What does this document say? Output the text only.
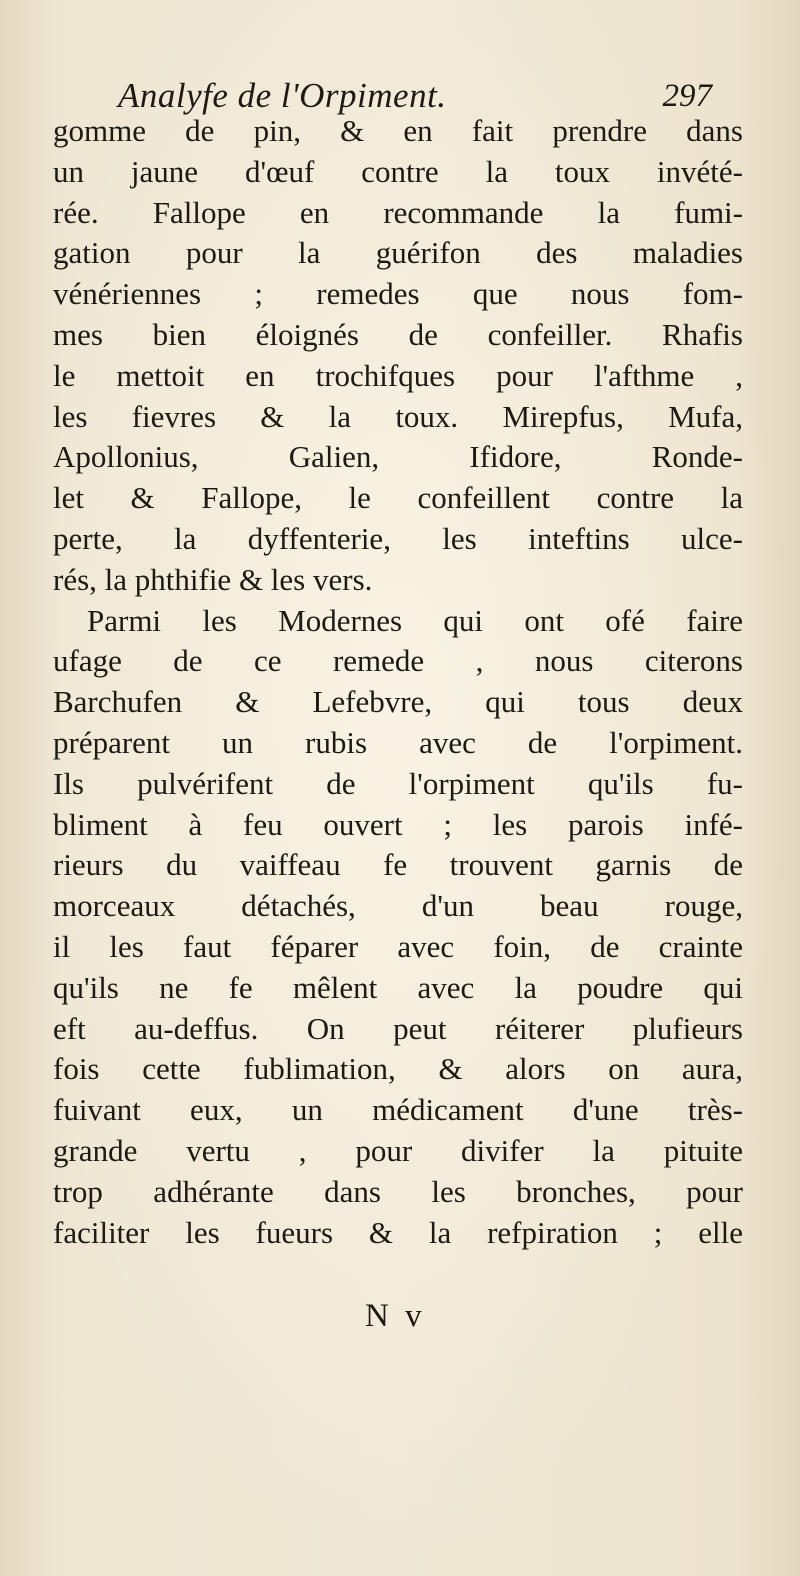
Analyfe de l'Orpiment.	297
gomme de pin, & en fait prendre dans
un jaune d'œuf contre la toux invété-
rée. Fallope en recommande la fumi-
gation pour la guérifon des maladies
vénériennes ; remedes que nous fom-
mes bien éloignés de confeiller. Rhafis
le mettoit en trochifques pour l'afthme ,
les fievres & la toux. Mirepfus, Mufa,
Apollonius, Galien, Ifidore, Ronde-
let & Fallope, le confeillent contre la
perte, la dyffenterie, les inteftins ulce-
rés, la phthifie & les vers.
Parmi les Modernes qui ont ofé faire
ufage de ce remede , nous citerons
Barchufen & Lefebvre, qui tous deux
préparent un rubis avec de l'orpiment.
Ils pulvérifent de l'orpiment qu'ils fu-
bliment à feu ouvert ; les parois infé-
rieurs du vaiffeau fe trouvent garnis de
morceaux détachés, d'un beau rouge,
il les faut féparer avec foin, de crainte
qu'ils ne fe mêlent avec la poudre qui
eft au-deffus. On peut réiterer plufieurs
fois cette fublimation, & alors on aura,
fuivant eux, un médicament d'une très-
grande vertu , pour divifer la pituite
trop adhérante dans les bronches, pour
faciliter les fueurs & la refpiration ; elle
N v
